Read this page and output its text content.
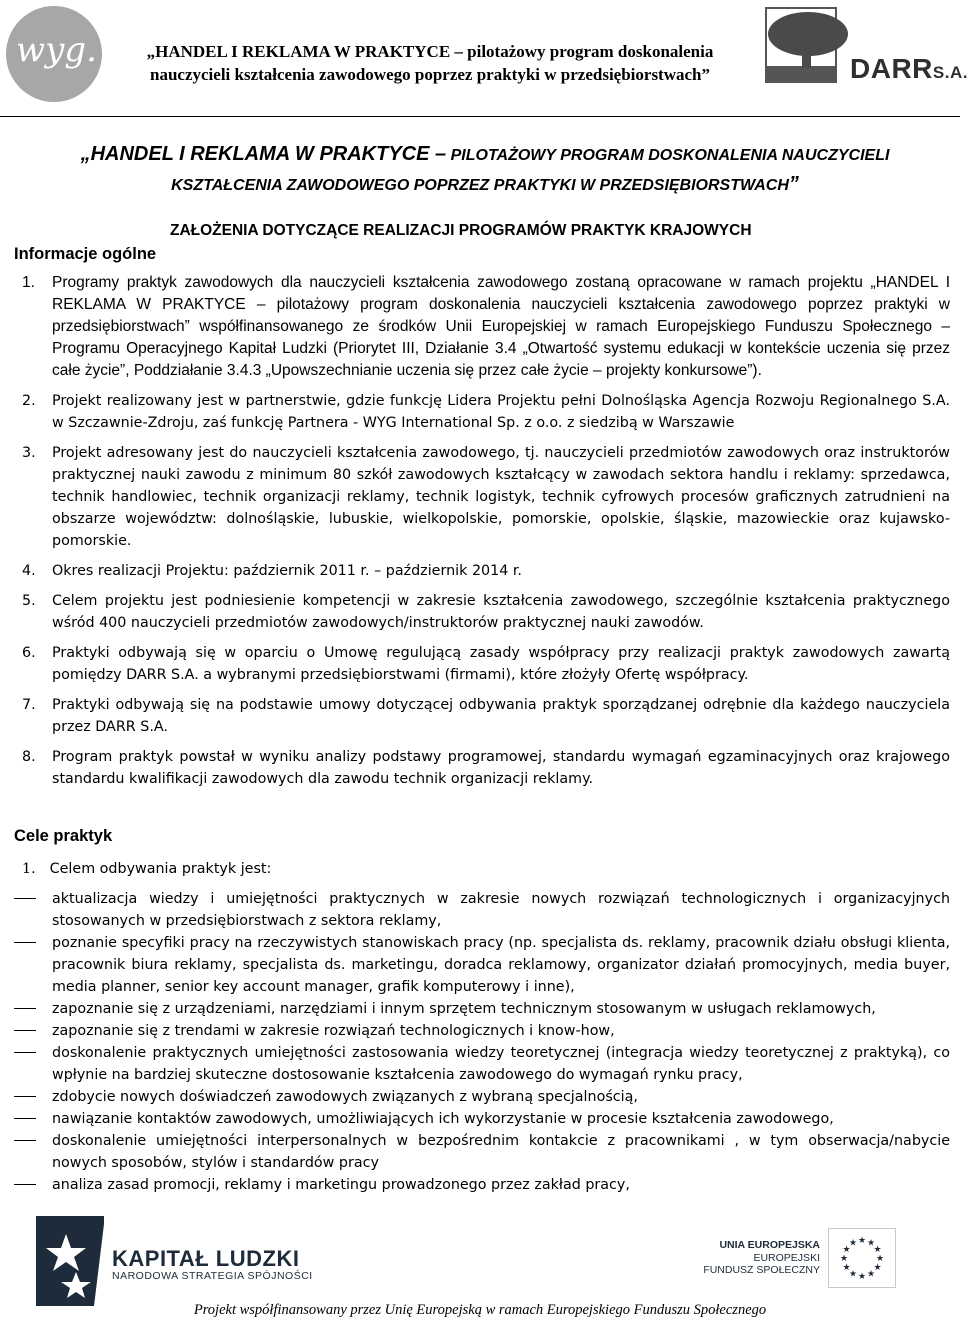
wyg.	„HANDEL I REKLAMA W PRAKTYCE – pilotażowy program doskonalenia
nauczycieli kształcenia zawodowego poprzez praktyki w przedsiębiorstwach”	DARRS.A.
„HANDEL I REKLAMA W PRAKTYCE – PILOTAŻOWY PROGRAM DOSKONALENIA NAUCZYCIELI
KSZTAŁCENIA ZAWODOWEGO POPRZEZ PRAKTYKI W PRZEDSIĘBIORSTWACH”
ZAŁOŻENIA DOTYCZĄCE REALIZACJI PROGRAMÓW PRAKTYK KRAJOWYCH
Informacje ogólne
1. Programy praktyk zawodowych dla nauczycieli kształcenia zawodowego zostaną opracowane w ramach projektu „HANDEL I REKLAMA W PRAKTYCE – pilotażowy program doskonalenia nauczycieli kształcenia zawodowego poprzez praktyki w przedsiębiorstwach” współfinansowanego ze środków Unii Europejskiej w ramach Europejskiego Funduszu Społecznego – Programu Operacyjnego Kapitał Ludzki (Priorytet III, Działanie 3.4 „Otwartość systemu edukacji w kontekście uczenia się przez całe życie”, Poddziałanie 3.4.3 „Upowszechnianie uczenia się przez całe życie – projekty konkursowe”).
2. Projekt realizowany jest w partnerstwie, gdzie funkcję Lidera Projektu pełni Dolnośląska Agencja Rozwoju Regionalnego S.A. w Szczawnie-Zdroju, zaś funkcję Partnera - WYG International Sp. z o.o. z siedzibą w Warszawie
3. Projekt adresowany jest do nauczycieli kształcenia zawodowego, tj. nauczycieli przedmiotów zawodowych oraz instruktorów praktycznej nauki zawodu z minimum 80 szkół zawodowych kształcący w zawodach sektora handlu i reklamy: sprzedawca, technik handlowiec, technik organizacji reklamy, technik logistyk, technik cyfrowych procesów graficznych zatrudnieni na obszarze województw: dolnośląskie, lubuskie, wielkopolskie, pomorskie, opolskie, śląskie, mazowieckie oraz kujawsko-pomorskie.
4. Okres realizacji Projektu: październik 2011 r. – październik 2014 r.
5. Celem projektu jest podniesienie kompetencji w zakresie kształcenia zawodowego, szczególnie kształcenia praktycznego wśród 400 nauczycieli przedmiotów zawodowych/instruktorów praktycznej nauki zawodów.
6. Praktyki odbywają się w oparciu o Umowę regulującą zasady współpracy przy realizacji praktyk zawodowych zawartą pomiędzy DARR S.A. a wybranymi przedsiębiorstwami (firmami), które złożyły Ofertę współpracy.
7. Praktyki odbywają się na podstawie umowy dotyczącej odbywania praktyk sporządzanej odrębnie dla każdego nauczyciela przez DARR S.A.
8. Program praktyk powstał w wyniku analizy podstawy programowej, standardu wymagań egzaminacyjnych oraz krajowego standardu kwalifikacji zawodowych dla zawodu technik organizacji reklamy.
Cele praktyk
1. Celem odbywania praktyk jest:
aktualizacja wiedzy i umiejętności praktycznych w zakresie nowych rozwiązań technologicznych i organizacyjnych stosowanych w przedsiębiorstwach z sektora reklamy,
poznanie specyfiki pracy na rzeczywistych stanowiskach pracy (np. specjalista ds. reklamy, pracownik działu obsługi klienta, pracownik biura reklamy, specjalista ds. marketingu, doradca reklamowy, organizator działań promocyjnych, media buyer, media planner, senior key account manager, grafik komputerowy i inne),
zapoznanie się z urządzeniami, narzędziami i innym sprzętem technicznym stosowanym w usługach reklamowych,
zapoznanie się z trendami w zakresie rozwiązań technologicznych i know-how,
doskonalenie praktycznych umiejętności zastosowania wiedzy teoretycznej (integracja wiedzy teoretycznej z praktyką), co wpłynie na bardziej skuteczne dostosowanie kształcenia zawodowego do wymagań rynku pracy,
zdobycie nowych doświadczeń zawodowych związanych z wybraną specjalnością,
nawiązanie kontaktów zawodowych, umożliwiających ich wykorzystanie w procesie kształcenia zawodowego,
doskonalenie umiejętności interpersonalnych w bezpośrednim kontakcie z pracownikami , w tym obserwacja/nabycie nowych sposobów, stylów i standardów pracy
analiza zasad promocji, reklamy i marketingu prowadzonego przez zakład pracy,
KAPITAŁ LUDZKI
NARODOWA STRATEGIA SPÓJNOŚCI
UNIA EUROPEJSKA
EUROPEJSKI
FUNDUSZ SPOŁECZNY
★ ★
★
★
★
★
★
★
★
★
★
★
Projekt współfinansowany przez Unię Europejską w ramach Europejskiego Funduszu Społecznego
